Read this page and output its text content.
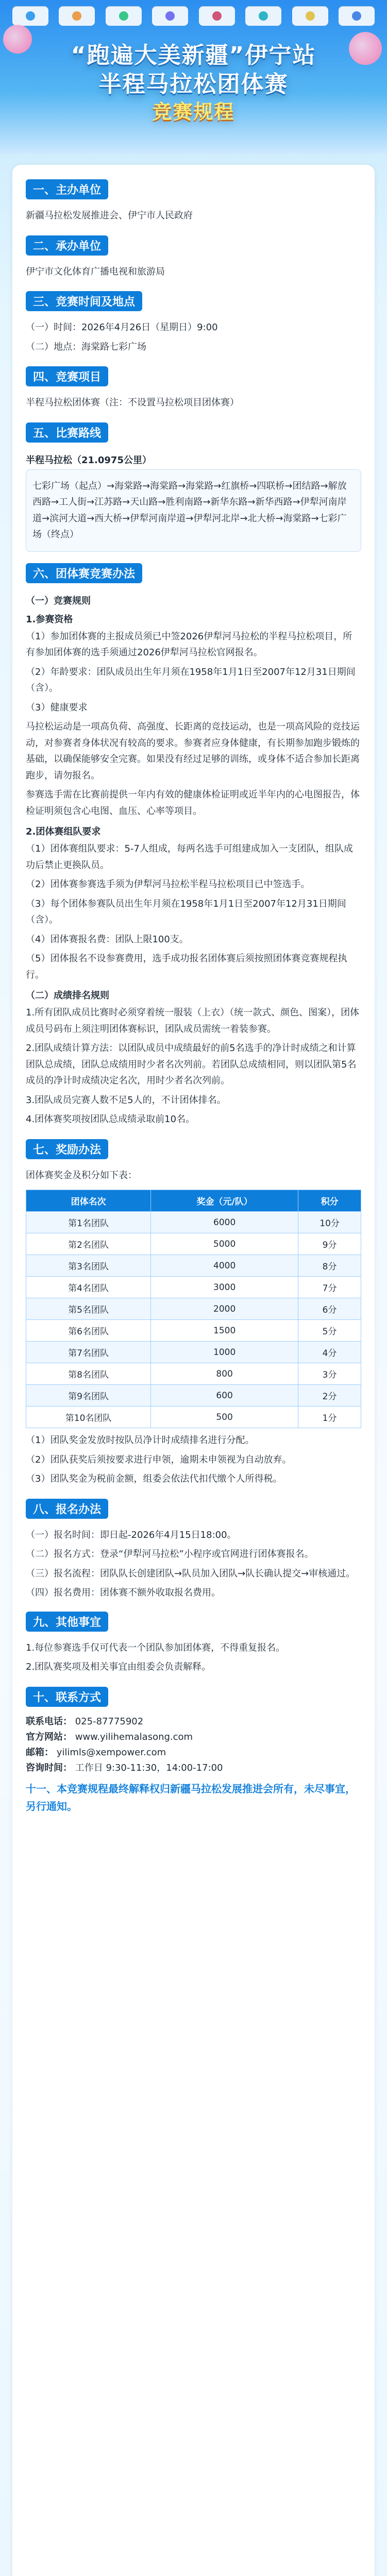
“跑遍大美新疆”伊宁站
半程马拉松团体赛
竞赛规程
一、主办单位
新疆马拉松发展推进会、伊宁市人民政府
二、承办单位
伊宁市文化体育广播电视和旅游局
三、竞赛时间及地点
（一）时间：2026年4月26日（星期日）9:00
（二）地点：海棠路七彩广场
四、竞赛项目
半程马拉松团体赛（注：不设置马拉松项目团体赛）
五、比赛路线
半程马拉松（21.0975公里）
七彩广场（起点）→海棠路→海棠路→海棠路→红旗桥→四联桥→团结路→解放西路→工人街→江苏路→天山路→胜利南路→新华东路→新华西路→伊犁河南岸道→滨河大道→西大桥→伊犁河南岸道→伊犁河北岸→北大桥→海棠路→七彩广场（终点）
六、团体赛竞赛办法
（一）竞赛规则
1.参赛资格
（1）参加团体赛的主报成员须已中签2026伊犁河马拉松的半程马拉松项目，所有参加团体赛的选手须通过2026伊犁河马拉松官网报名。
（2）年龄要求：团队成员出生年月须在1958年1月1日至2007年12月31日期间（含）。
（3）健康要求
马拉松运动是一项高负荷、高强度、长距离的竞技运动，也是一项高风险的竞技运动，对参赛者身体状况有较高的要求。参赛者应身体健康，有长期参加跑步锻炼的基础，以确保能够安全完赛。如果没有经过足够的训练，或身体不适合参加长距离跑步，请勿报名。
参赛选手需在比赛前提供一年内有效的健康体检证明或近半年内的心电图报告，体检证明须包含心电图、血压、心率等项目。
2.团体赛组队要求
（1）团体赛组队要求：5-7人组成，每两名选手可组建成加入一支团队，组队成功后禁止更换队员。
（2）团体赛参赛选手须为伊犁河马拉松半程马拉松项目已中签选手。
（3）每个团体参赛队员出生年月须在1958年1月1日至2007年12月31日期间（含）。
（4）团体赛报名费：团队上限100支。
（5）团体报名不设参赛费用，选手成功报名团体赛后须按照团体赛竞赛规程执行。
（二）成绩排名规则
1.所有团队成员比赛时必须穿着统一服装（上衣）（统一款式、颜色、图案），团体成员号码布上须注明团体赛标识，团队成员需统一着装参赛。
2.团队成绩计算方法：以团队成员中成绩最好的前5名选手的净计时成绩之和计算团队总成绩，团队总成绩用时少者名次列前。若团队总成绩相同，则以团队第5名成员的净计时成绩决定名次，用时少者名次列前。
3.团队成员完赛人数不足5人的，不计团体排名。
4.团体赛奖项按团队总成绩录取前10名。
七、奖励办法
团体赛奖金及积分如下表：
团体名次	奖金（元/队）	积分
第1名团队	6000	10分
第2名团队	5000	9分
第3名团队	4000	8分
第4名团队	3000	7分
第5名团队	2000	6分
第6名团队	1500	5分
第7名团队	1000	4分
第8名团队	800	3分
第9名团队	600	2分
第10名团队	500	1分
（1）团队奖金发放时按队员净计时成绩排名进行分配。
（2）团队获奖后须按要求进行申领，逾期未申领视为自动放弃。
（3）团队奖金为税前金额，组委会依法代扣代缴个人所得税。
八、报名办法
（一）报名时间：即日起-2026年4月15日18:00。
（二）报名方式：登录“伊犁河马拉松”小程序或官网进行团体赛报名。
（三）报名流程：团队队长创建团队→队员加入团队→队长确认提交→审核通过。
（四）报名费用：团体赛不额外收取报名费用。
九、其他事宜
1.每位参赛选手仅可代表一个团队参加团体赛，不得重复报名。
2.团队赛奖项及相关事宜由组委会负责解释。
十、联系方式
联系电话： 025-87775902
官方网站： www.yilihemalasong.com
邮箱： yilimls@xempower.com
咨询时间： 工作日 9:30-11:30，14:00-17:00
十一、本竞赛规程最终解释权归新疆马拉松发展推进会所有，未尽事宜，另行通知。
